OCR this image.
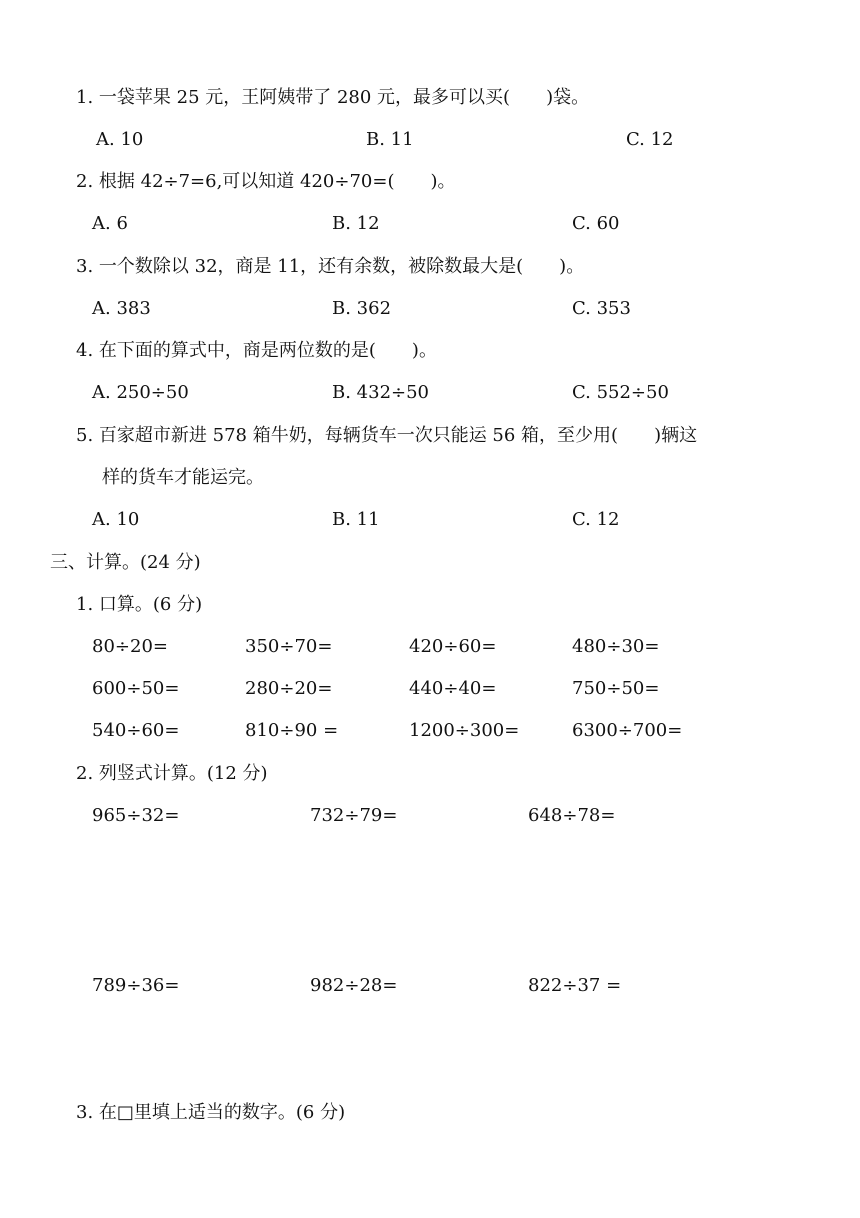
1. 一袋苹果 25 元，王阿姨带了 280 元，最多可以买(　　)袋。
A. 10	B. 11	C. 12
2. 根据 42÷7=6,可以知道 420÷70=(　　)。
A. 6	B. 12	C. 60
3. 一个数除以 32，商是 11，还有余数，被除数最大是(　　)。
A. 383	B. 362	C. 353
4. 在下面的算式中，商是两位数的是(　　)。
A. 250÷50	B. 432÷50	C. 552÷50
5. 百家超市新进 578 箱牛奶，每辆货车一次只能运 56 箱，至少用(　　)辆这
样的货车才能运完。
A. 10	B. 11	C. 12
三、计算。(24 分)
1. 口算。(6 分)
80÷20=	350÷70=	420÷60=	480÷30=
600÷50=	280÷20=	440÷40=	750÷50=
540÷60=	810÷90 =	1200÷300=	6300÷700=
2. 列竖式计算。(12 分)
965÷32=	732÷79=	648÷78=
789÷36=	982÷28=	822÷37 =
3. 在□里填上适当的数字。(6 分)
